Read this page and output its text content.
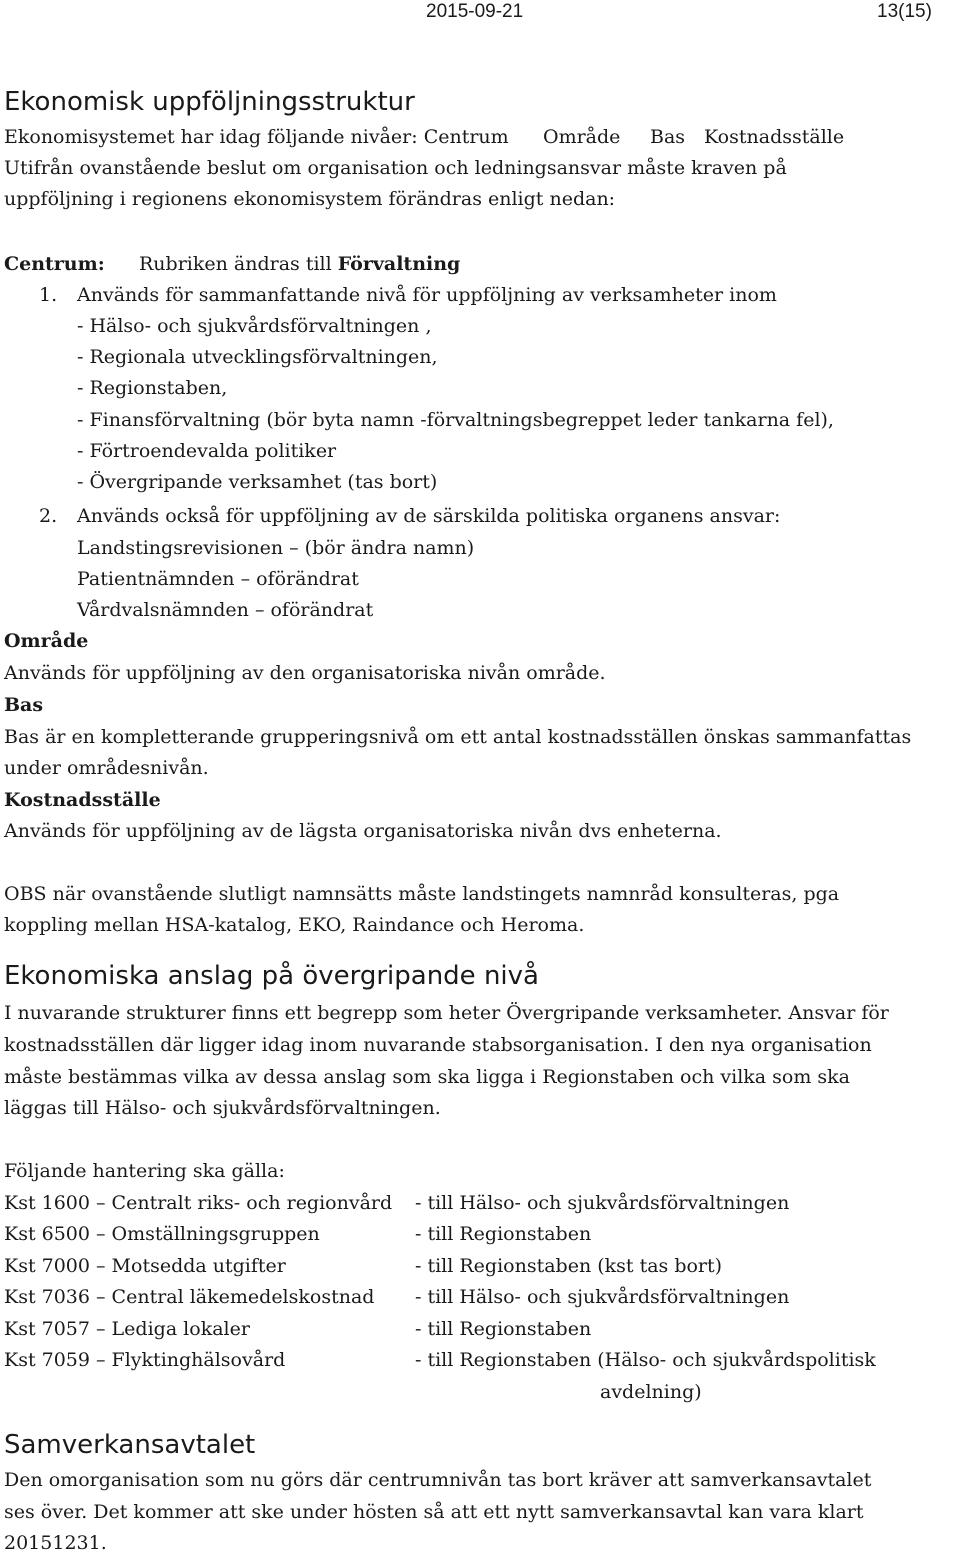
2015-09-21	13(15)
Ekonomisk uppföljningsstruktur
Ekonomisystemet har idag följande nivåer: Centrum Område Bas Kostnadsställe
Utifrån ovanstående beslut om organisation och ledningsansvar måste kraven på
uppföljning i regionens ekonomisystem förändras enligt nedan:
Centrum: Rubriken ändras till Förvaltning
1. Används för sammanfattande nivå för uppföljning av verksamheter inom
- Hälso- och sjukvårdsförvaltningen ,
- Regionala utvecklingsförvaltningen,
- Regionstaben,
- Finansförvaltning (bör byta namn -förvaltningsbegreppet leder tankarna fel),
- Förtroendevalda politiker
- Övergripande verksamhet (tas bort)
2. Används också för uppföljning av de särskilda politiska organens ansvar:
Landstingsrevisionen – (bör ändra namn)
Patientnämnden – oförändrat
Vårdvalsnämnden – oförändrat
Område
Används för uppföljning av den organisatoriska nivån område.
Bas
Bas är en kompletterande grupperingsnivå om ett antal kostnadsställen önskas sammanfattas
under områdesnivån.
Kostnadsställe
Används för uppföljning av de lägsta organisatoriska nivån dvs enheterna.
OBS när ovanstående slutligt namnsätts måste landstingets namnråd konsulteras, pga
koppling mellan HSA-katalog, EKO, Raindance och Heroma.
Ekonomiska anslag på övergripande nivå
I nuvarande strukturer finns ett begrepp som heter Övergripande verksamheter. Ansvar för
kostnadsställen där ligger idag inom nuvarande stabsorganisation. I den nya organisation
måste bestämmas vilka av dessa anslag som ska ligga i Regionstaben och vilka som ska
läggas till Hälso- och sjukvårdsförvaltningen.
Följande hantering ska gälla:
Kst 1600 – Centralt riks- och regionvård - till Hälso- och sjukvårdsförvaltningen
Kst 6500 – Omställningsgruppen	- till Regionstaben
Kst 7000 – Motsedda utgifter	- till Regionstaben (kst tas bort)
Kst 7036 – Central läkemedelskostnad - till Hälso- och sjukvårdsförvaltningen
Kst 7057 – Lediga lokaler	- till Regionstaben
Kst 7059 – Flyktinghälsovård	- till Regionstaben (Hälso- och sjukvårdspolitisk
avdelning)
Samverkansavtalet
Den omorganisation som nu görs där centrumnivån tas bort kräver att samverkansavtalet
ses över. Det kommer att ske under hösten så att ett nytt samverkansavtal kan vara klart
20151231.
